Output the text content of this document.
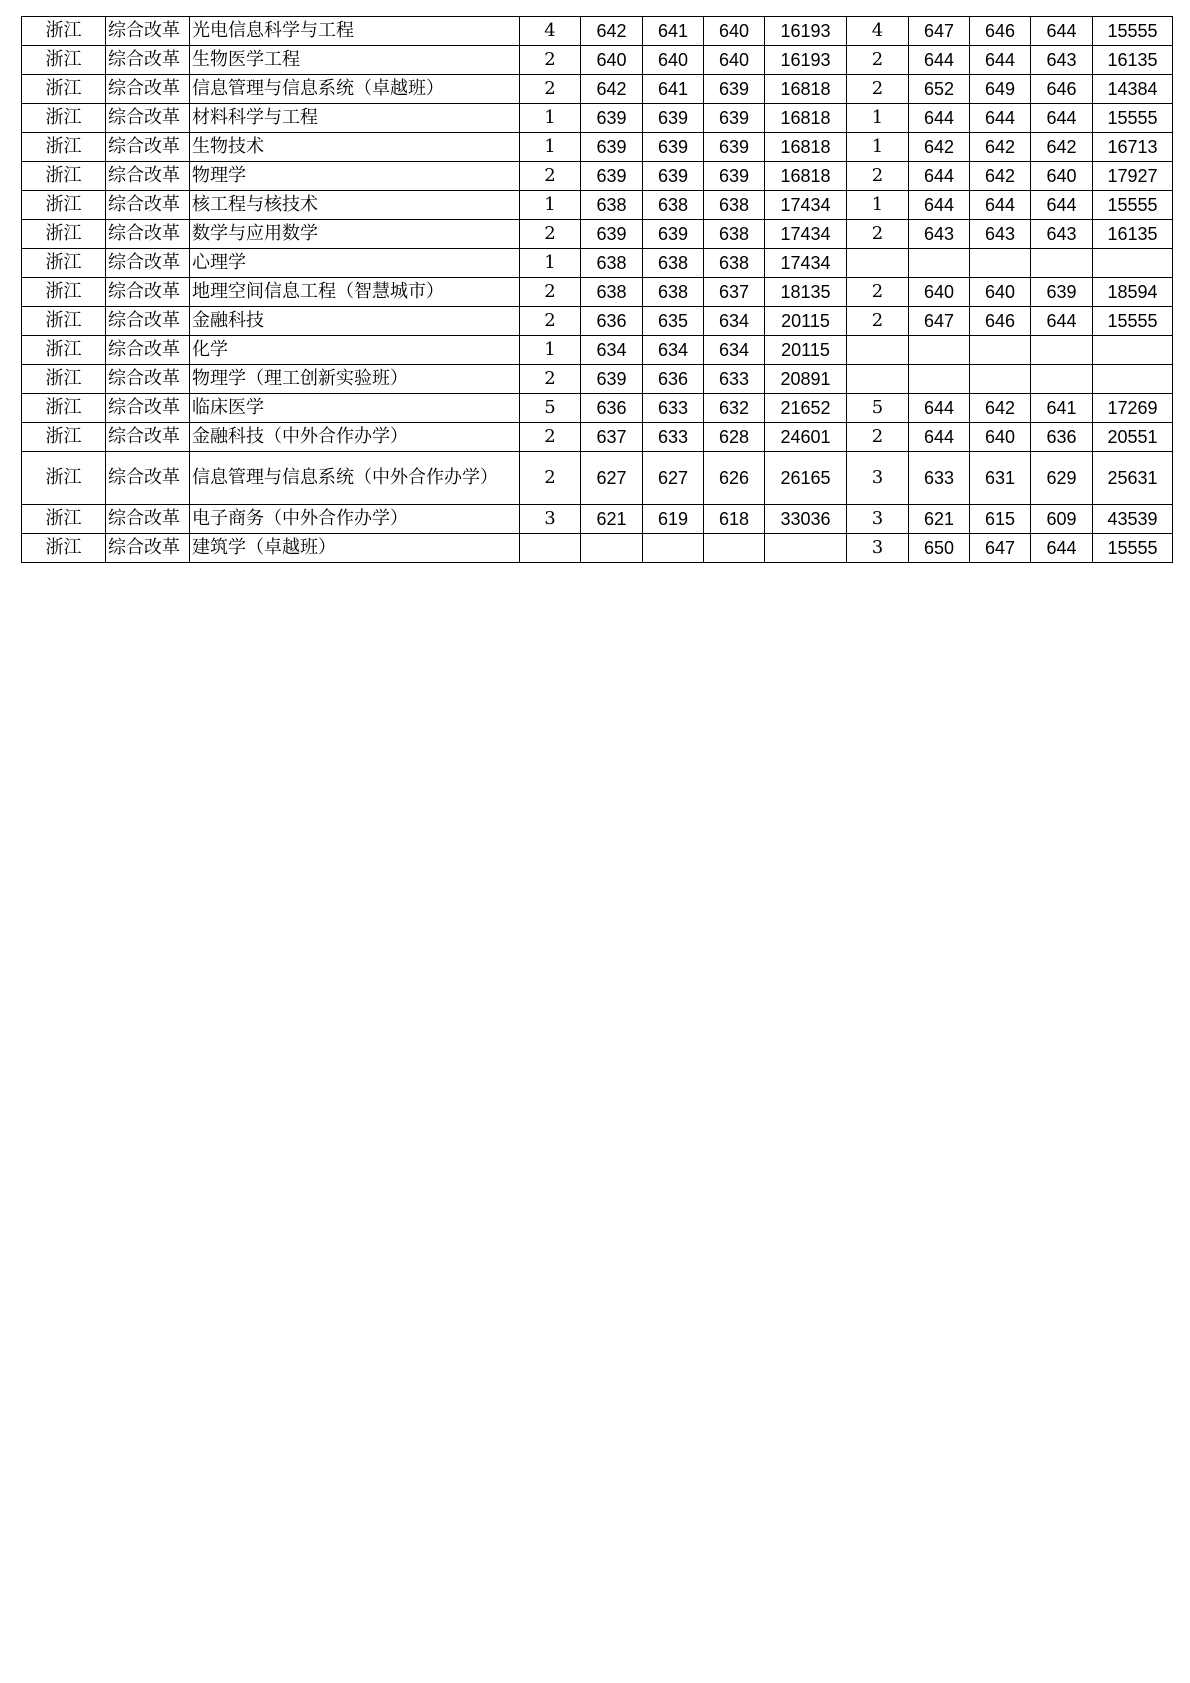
浙江	综合改革	光电信息科学与工程	4	642	641	640	16193	4	647	646	644	15555
浙江	综合改革	生物医学工程	2	640	640	640	16193	2	644	644	643	16135
浙江	综合改革	信息管理与信息系统（卓越班）	2	642	641	639	16818	2	652	649	646	14384
浙江	综合改革	材料科学与工程	1	639	639	639	16818	1	644	644	644	15555
浙江	综合改革	生物技术	1	639	639	639	16818	1	642	642	642	16713
浙江	综合改革	物理学	2	639	639	639	16818	2	644	642	640	17927
浙江	综合改革	核工程与核技术	1	638	638	638	17434	1	644	644	644	15555
浙江	综合改革	数学与应用数学	2	639	639	638	17434	2	643	643	643	16135
浙江	综合改革	心理学	1	638	638	638	17434					
浙江	综合改革	地理空间信息工程（智慧城市）	2	638	638	637	18135	2	640	640	639	18594
浙江	综合改革	金融科技	2	636	635	634	20115	2	647	646	644	15555
浙江	综合改革	化学	1	634	634	634	20115					
浙江	综合改革	物理学（理工创新实验班）	2	639	636	633	20891					
浙江	综合改革	临床医学	5	636	633	632	21652	5	644	642	641	17269
浙江	综合改革	金融科技（中外合作办学）	2	637	633	628	24601	2	644	640	636	20551
浙江	综合改革	信息管理与信息系统（中外合作办学）	2	627	627	626	26165	3	633	631	629	25631
浙江	综合改革	电子商务（中外合作办学）	3	621	619	618	33036	3	621	615	609	43539
浙江	综合改革	建筑学（卓越班）						3	650	647	644	15555
